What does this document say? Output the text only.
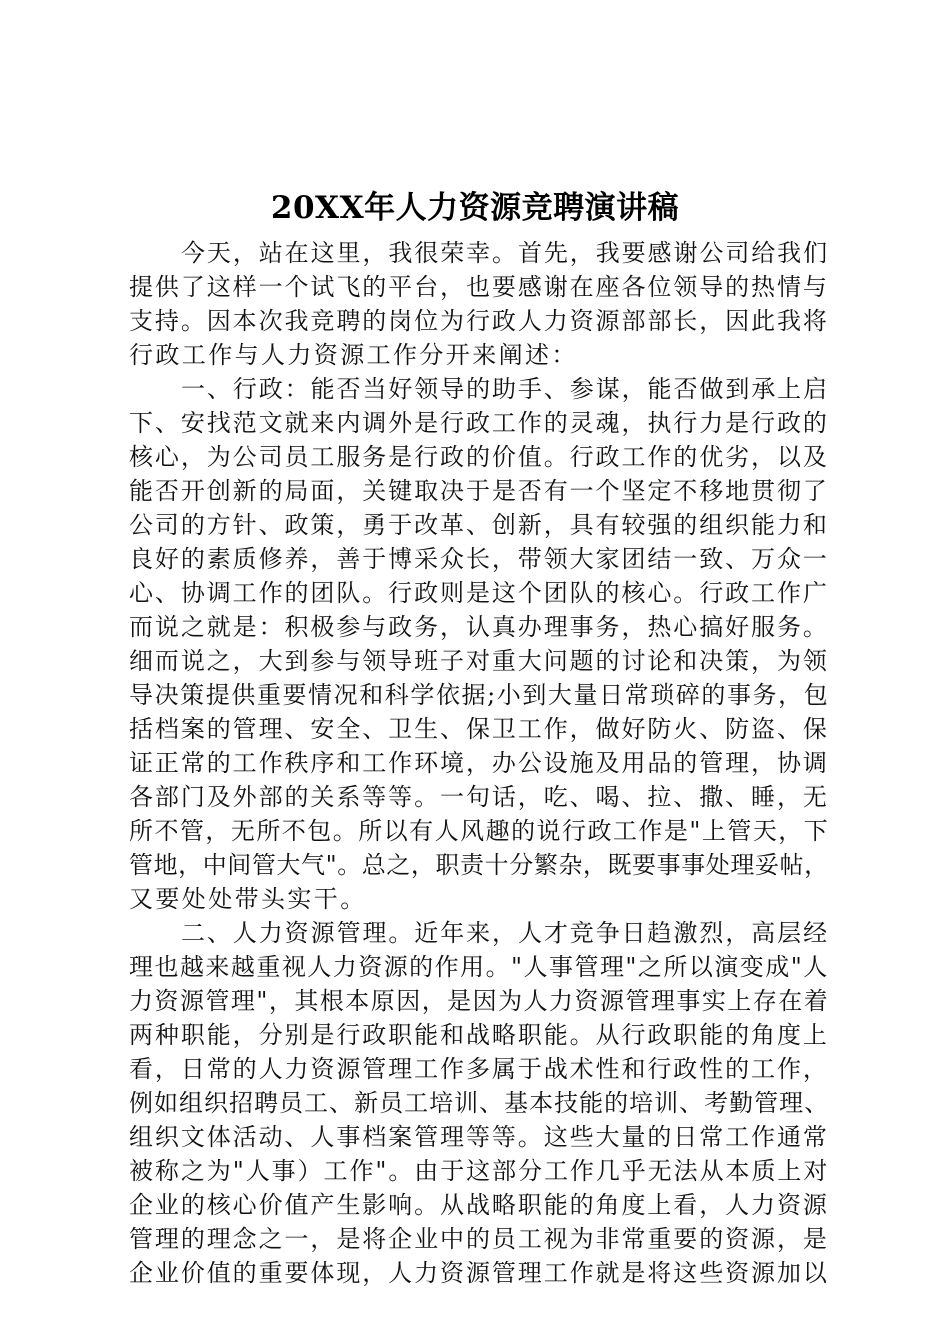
20XX年人力资源竞聘演讲稿
今天，站在这里，我很荣幸。首先，我要感谢公司给我们
提供了这样一个试飞的平台，也要感谢在座各位领导的热情与
支持。因本次我竞聘的岗位为行政人力资源部部长，因此我将
行政工作与人力资源工作分开来阐述：
一、行政：能否当好领导的助手、参谋，能否做到承上启
下、安找范文就来内调外是行政工作的灵魂，执行力是行政的
核心，为公司员工服务是行政的价值。行政工作的优劣，以及
能否开创新的局面，关键取决于是否有一个坚定不移地贯彻了
公司的方针、政策，勇于改革、创新，具有较强的组织能力和
良好的素质修养，善于博采众长，带领大家团结一致、万众一
心、协调工作的团队。行政则是这个团队的核心。行政工作广
而说之就是：积极参与政务，认真办理事务，热心搞好服务。
细而说之，大到参与领导班子对重大问题的讨论和决策，为领
导决策提供重要情况和科学依据;小到大量日常琐碎的事务，包
括档案的管理、安全、卫生、保卫工作，做好防火、防盗、保
证正常的工作秩序和工作环境，办公设施及用品的管理，协调
各部门及外部的关系等等。一句话，吃、喝、拉、撒、睡，无
所不管，无所不包。所以有人风趣的说行政工作是"上管天，下
管地，中间管大气"。总之，职责十分繁杂，既要事事处理妥帖，
又要处处带头实干。
二、人力资源管理。近年来，人才竞争日趋激烈，高层经
理也越来越重视人力资源的作用。"人事管理"之所以演变成"人
力资源管理"，其根本原因，是因为人力资源管理事实上存在着
两种职能，分别是行政职能和战略职能。从行政职能的角度上
看，日常的人力资源管理工作多属于战术性和行政性的工作，
例如组织招聘员工、新员工培训、基本技能的培训、考勤管理、
组织文体活动、人事档案管理等等。这些大量的日常工作通常
被称之为"人事）工作"。由于这部分工作几乎无法从本质上对
企业的核心价值产生影响。从战略职能的角度上看，人力资源
管理的理念之一，是将企业中的员工视为非常重要的资源，是
企业价值的重要体现，人力资源管理工作就是将这些资源加以
